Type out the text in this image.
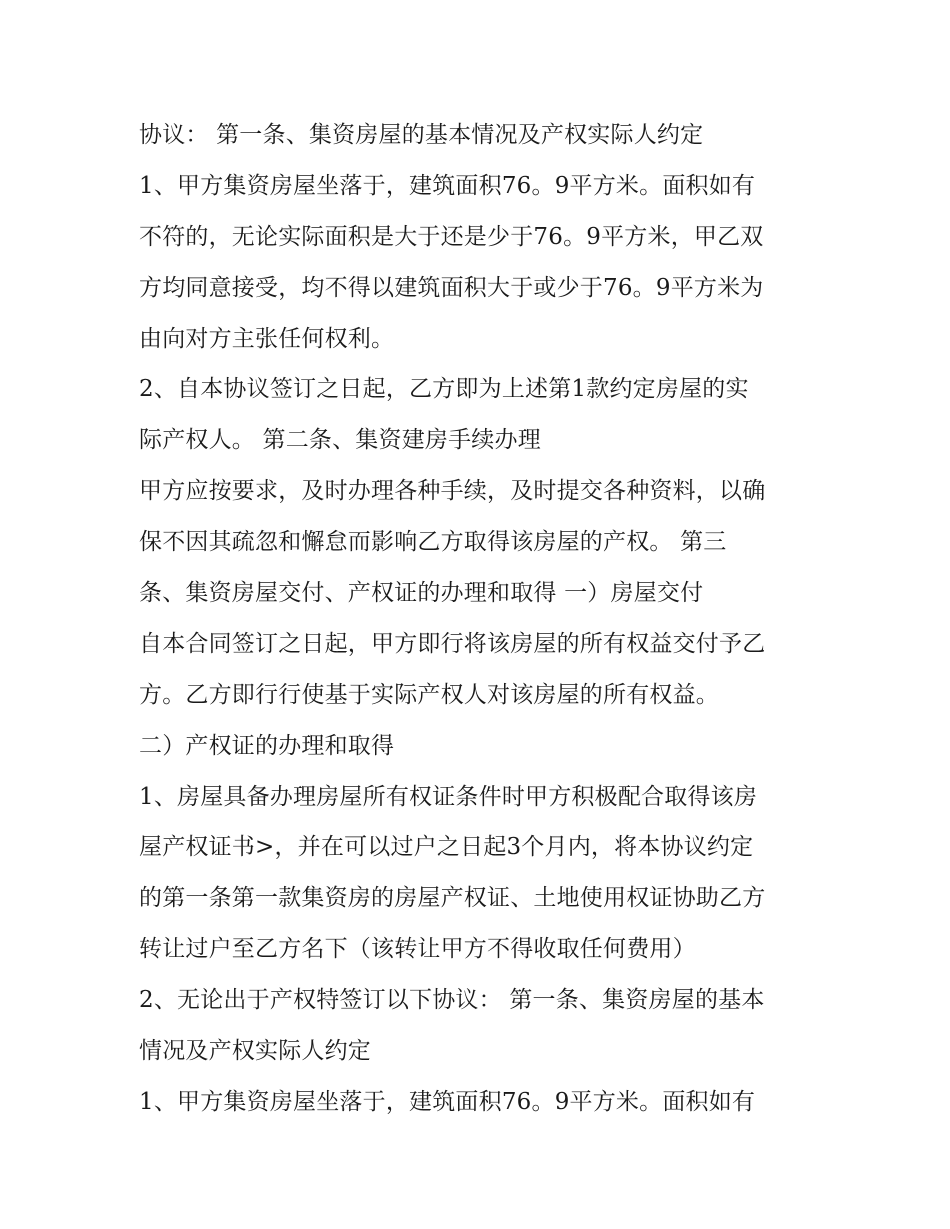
协议： 第一条、集资房屋的基本情况及产权实际人约定
1、甲方集资房屋坐落于，建筑面积76。9平方米。面积如有
不符的，无论实际面积是大于还是少于76。9平方米，甲乙双
方均同意接受，均不得以建筑面积大于或少于76。9平方米为
由向对方主张任何权利。
2、自本协议签订之日起，乙方即为上述第1款约定房屋的实
际产权人。 第二条、集资建房手续办理
甲方应按要求，及时办理各种手续，及时提交各种资料，以确
保不因其疏忽和懈怠而影响乙方取得该房屋的产权。 第三
条、集资房屋交付、产权证的办理和取得 一）房屋交付
自本合同签订之日起，甲方即行将该房屋的所有权益交付予乙
方。乙方即行行使基于实际产权人对该房屋的所有权益。
二）产权证的办理和取得
1、房屋具备办理房屋所有权证条件时甲方积极配合取得该房
屋产权证书>，并在可以过户之日起3个月内，将本协议约定
的第一条第一款集资房的房屋产权证、土地使用权证协助乙方
转让过户至乙方名下（该转让甲方不得收取任何费用）
2、无论出于产权特签订以下协议： 第一条、集资房屋的基本
情况及产权实际人约定
1、甲方集资房屋坐落于，建筑面积76。9平方米。面积如有
